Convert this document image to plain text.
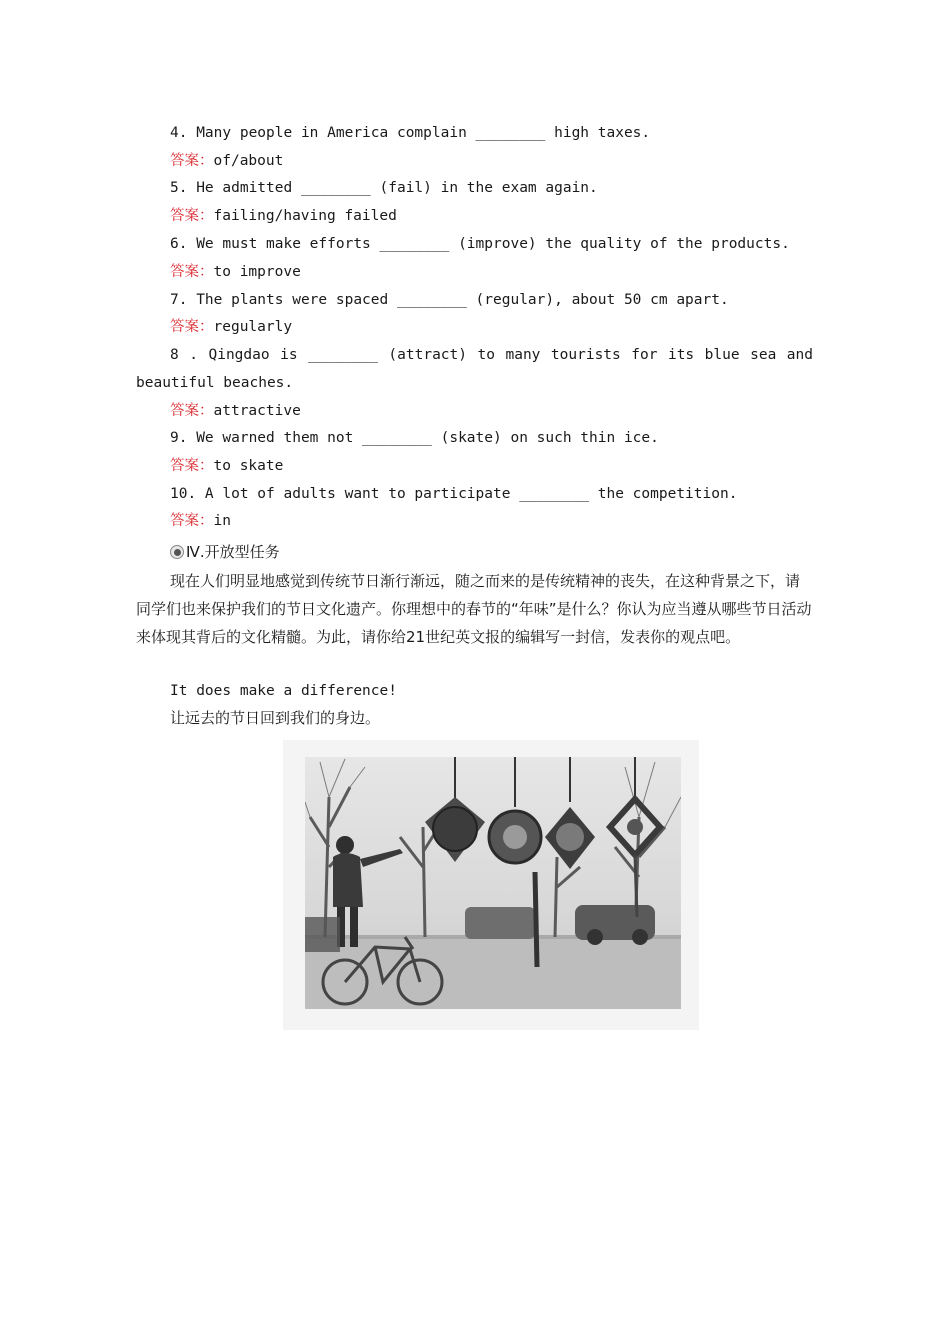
4. Many people in America complain ________ high taxes.
答案：of/about
5. He admitted ________ (fail) in the exam again.
答案：failing/having failed
6. We must make efforts ________ (improve) the quality of the products.
答案：to improve
7. The plants were spaced ________ (regular), about 50 cm apart.
答案：regularly
8 . Qingdao is ________ (attract) to many tourists for its blue sea and
beautiful beaches.
答案：attractive
9. We warned them not ________ (skate) on such thin ice.
答案：to skate
10. A lot of adults want to participate ________ the competition.
答案：in
Ⅳ.开放型任务

现在人们明显地感觉到传统节日渐行渐远，随之而来的是传统精神的丧失，在这种背景之下，请同学们也来保护我们的节日文化遗产。你理想中的春节的“年味”是什么？你认为应当遵从哪些节日活动来体现其背后的文化精髓。为此，请你给21世纪英文报的编辑写一封信，发表你的观点吧。

It does make a difference!
让远去的节日回到我们的身边。
